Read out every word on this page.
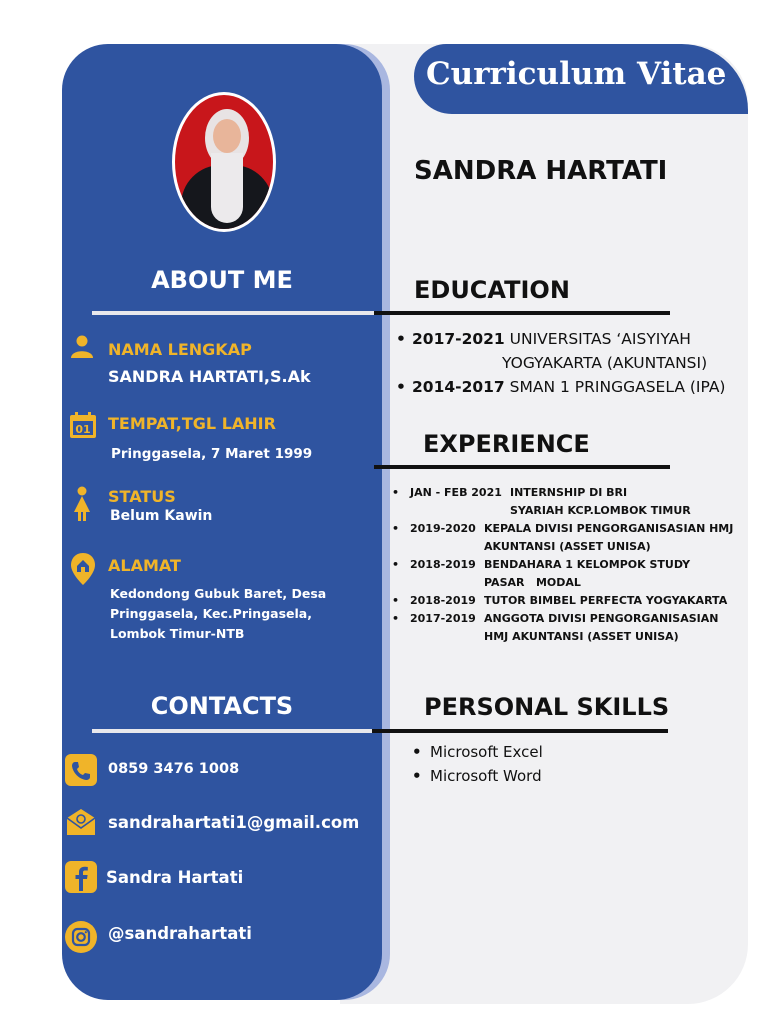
Curriculum Vitae
ABOUT ME
NAMA LENGKAP
SANDRA HARTATI,S.Ak
01 TEMPAT,TGL LAHIR
Pringgasela, 7 Maret 1999
STATUS
Belum Kawin
ALAMAT
Kedondong Gubuk Baret, Desa
Pringgasela, Kec.Pringasela,
Lombok Timur-NTB
CONTACTS
0859 3476 1008
sandrahartati1@gmail.com
Sandra Hartati
@sandrahartati
SANDRA HARTATI
EDUCATION
• 2017-2021 UNIVERSITAS ‘AISYIYAH
YOGYAKARTA (AKUNTANSI)
• 2014-2017 SMAN 1 PRINGGASELA (IPA)
EXPERIENCE
• JAN - FEB 2021 INTERNSHIP DI BRI
SYARIAH KCP.LOMBOK TIMUR
• 2019-2020 KEPALA DIVISI PENGORGANISASIAN HMJ
AKUNTANSI (ASSET UNISA)
• 2018-2019 BENDAHARA 1 KELOMPOK STUDY
PASAR   MODAL
• 2018-2019 TUTOR BIMBEL PERFECTA YOGYAKARTA
• 2017-2019 ANGGOTA DIVISI PENGORGANISASIAN
HMJ AKUNTANSI (ASSET UNISA)
PERSONAL SKILLS
• Microsoft Excel
• Microsoft Word
